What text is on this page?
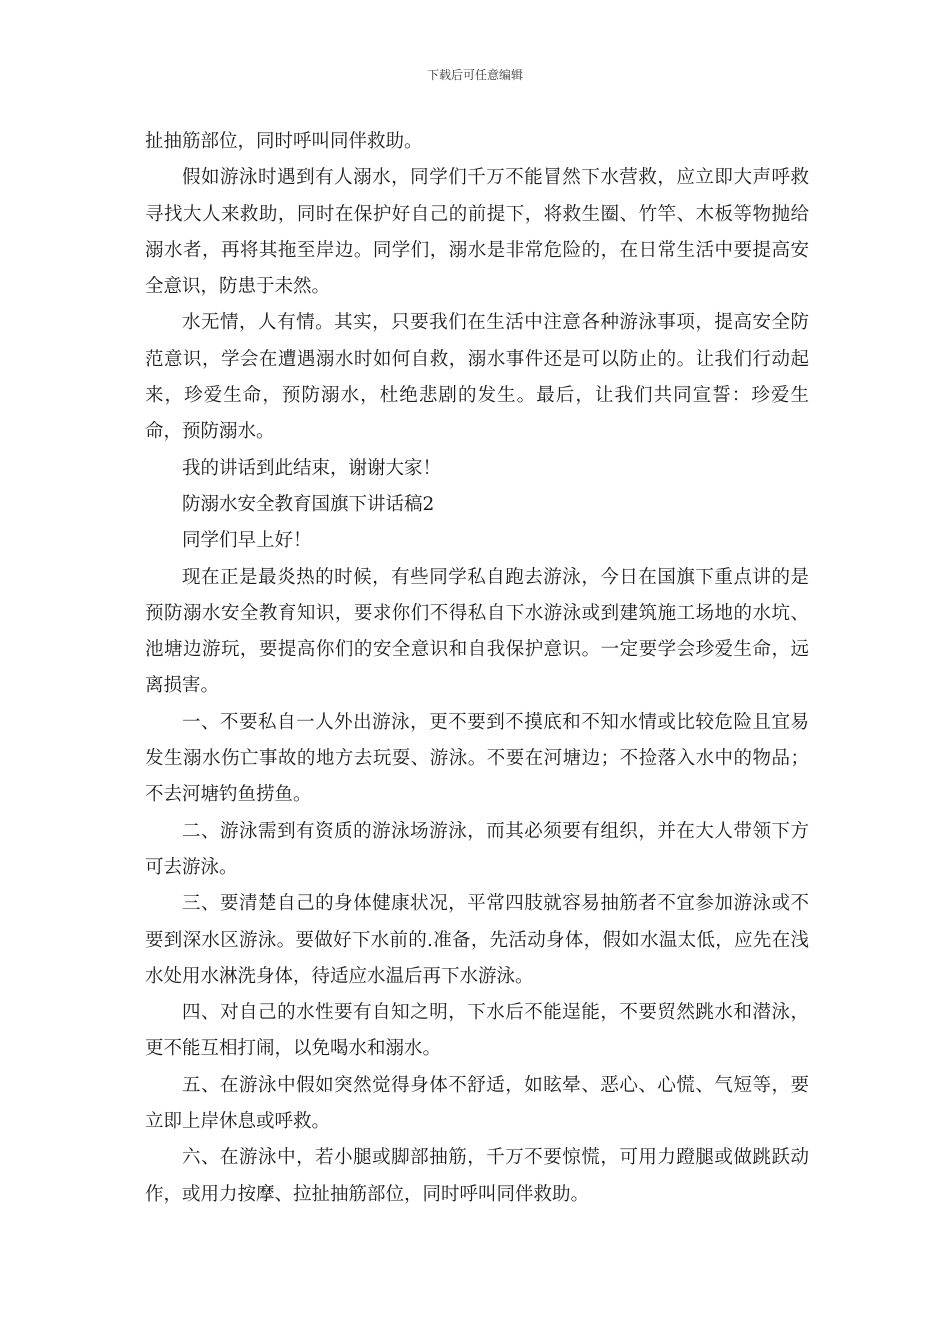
下载后可任意编辑

扯抽筋部位，同时呼叫同伴救助。

假如游泳时遇到有人溺水，同学们千万不能冒然下水营救，应立即大声呼救寻找大人来救助，同时在保护好自己的前提下，将救生圈、竹竿、木板等物抛给溺水者，再将其拖至岸边。同学们，溺水是非常危险的，在日常生活中要提高安全意识，防患于未然。

水无情，人有情。其实，只要我们在生活中注意各种游泳事项，提高安全防范意识，学会在遭遇溺水时如何自救，溺水事件还是可以防止的。让我们行动起来，珍爱生命，预防溺水，杜绝悲剧的发生。最后，让我们共同宣誓：珍爱生命，预防溺水。

我的讲话到此结束，谢谢大家！

防溺水安全教育国旗下讲话稿2

同学们早上好！

现在正是最炎热的时候，有些同学私自跑去游泳，今日在国旗下重点讲的是预防溺水安全教育知识，要求你们不得私自下水游泳或到建筑施工场地的水坑、池塘边游玩，要提高你们的安全意识和自我保护意识。一定要学会珍爱生命，远离损害。

一、不要私自一人外出游泳，更不要到不摸底和不知水情或比较危险且宜易发生溺水伤亡事故的地方去玩耍、游泳。不要在河塘边；不捡落入水中的物品；不去河塘钓鱼捞鱼。

二、游泳需到有资质的游泳场游泳，而其必须要有组织，并在大人带领下方可去游泳。

三、要清楚自己的身体健康状况，平常四肢就容易抽筋者不宜参加游泳或不要到深水区游泳。要做好下水前的.准备，先活动身体，假如水温太低，应先在浅水处用水淋洗身体，待适应水温后再下水游泳。

四、对自己的水性要有自知之明，下水后不能逞能，不要贸然跳水和潜泳，更不能互相打闹，以免喝水和溺水。

五、在游泳中假如突然觉得身体不舒适，如眩晕、恶心、心慌、气短等，要立即上岸休息或呼救。

六、在游泳中，若小腿或脚部抽筋，千万不要惊慌，可用力蹬腿或做跳跃动作，或用力按摩、拉扯抽筋部位，同时呼叫同伴救助。
